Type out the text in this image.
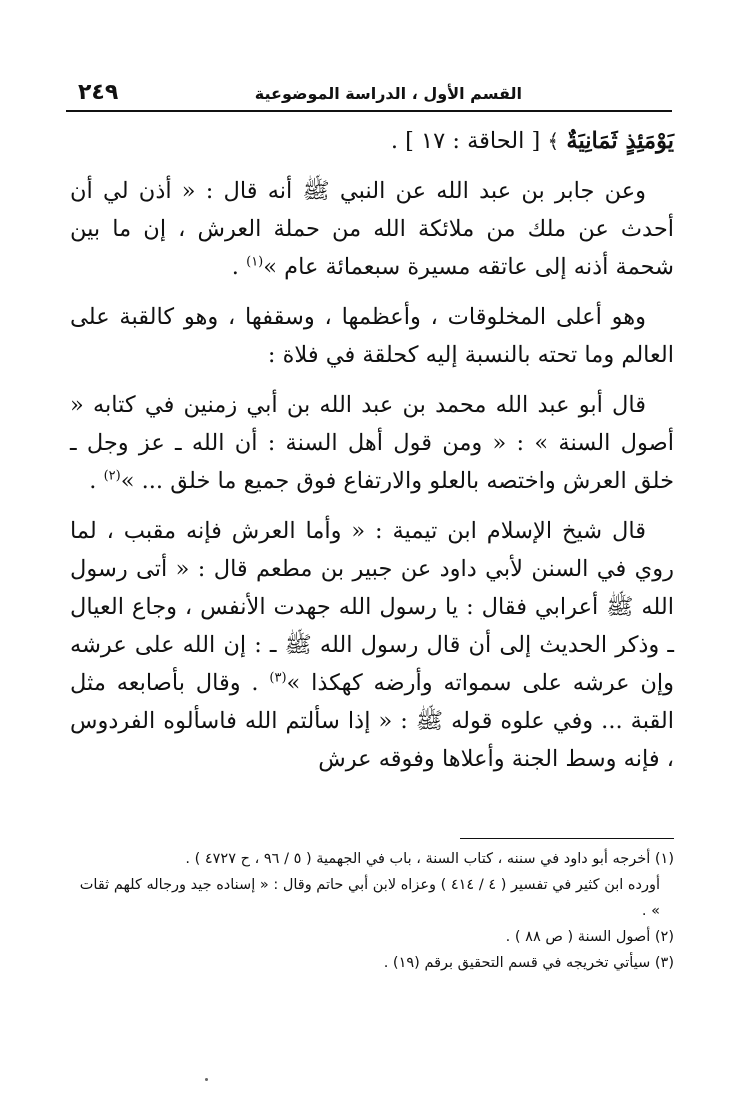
القسم الأول ، الدراسة الموضوعية
٢٤٩

يَوْمَئِذٍ ثَمَانِيَةٌ ﴾ [ الحاقة : ١٧ ] .

وعن جابر بن عبد الله عن النبي ﷺ أنه قال : « أذن لي أن أحدث عن ملك من ملائكة الله من حملة العرش ، إن ما بين شحمة أذنه إلى عاتقه مسيرة سبعمائة عام »$^{(١)}$ .

وهو أعلى المخلوقات ، وأعظمها ، وسقفها ، وهو كالقبة على العالم وما تحته بالنسبة إليه كحلقة في فلاة :

قال أبو عبد الله محمد بن عبد الله بن أبي زمنين في كتابه « أصول السنة » : « ومن قول أهل السنة : أن الله ـ عز وجل ـ خلق العرش واختصه بالعلو والارتفاع فوق جميع ما خلق ... »$^{(٢)}$ .

قال شيخ الإسلام ابن تيمية : « وأما العرش فإنه مقبب ، لما روي في السنن لأبي داود عن جبير بن مطعم قال : « أتى رسول الله ﷺ أعرابي فقال : يا رسول الله جهدت الأنفس ، وجاع العيال ـ وذكر الحديث إلى أن قال رسول الله ﷺ ـ : إن الله على عرشه وإن عرشه على سمواته وأرضه كهكذا »$^{(٣)}$ . وقال بأصابعه مثل القبة ... وفي علوه قوله ﷺ : « إذا سألتم الله فاسألوه الفردوس ، فإنه وسط الجنة وأعلاها وفوقه عرش

(١) أخرجه أبو داود في سننه ، كتاب السنة ، باب في الجهمية ( ٥ / ٩٦ ، ح ٤٧٢٧ ) .
أورده ابن كثير في تفسير ( ٤ / ٤١٤ ) وعزاه لابن أبي حاتم وقال : « إسناده جيد ورجاله كلهم ثقات » .
(٢) أصول السنة ( ص ٨٨ ) .
(٣) سيأتي تخريجه في قسم التحقيق برقم (١٩) .
